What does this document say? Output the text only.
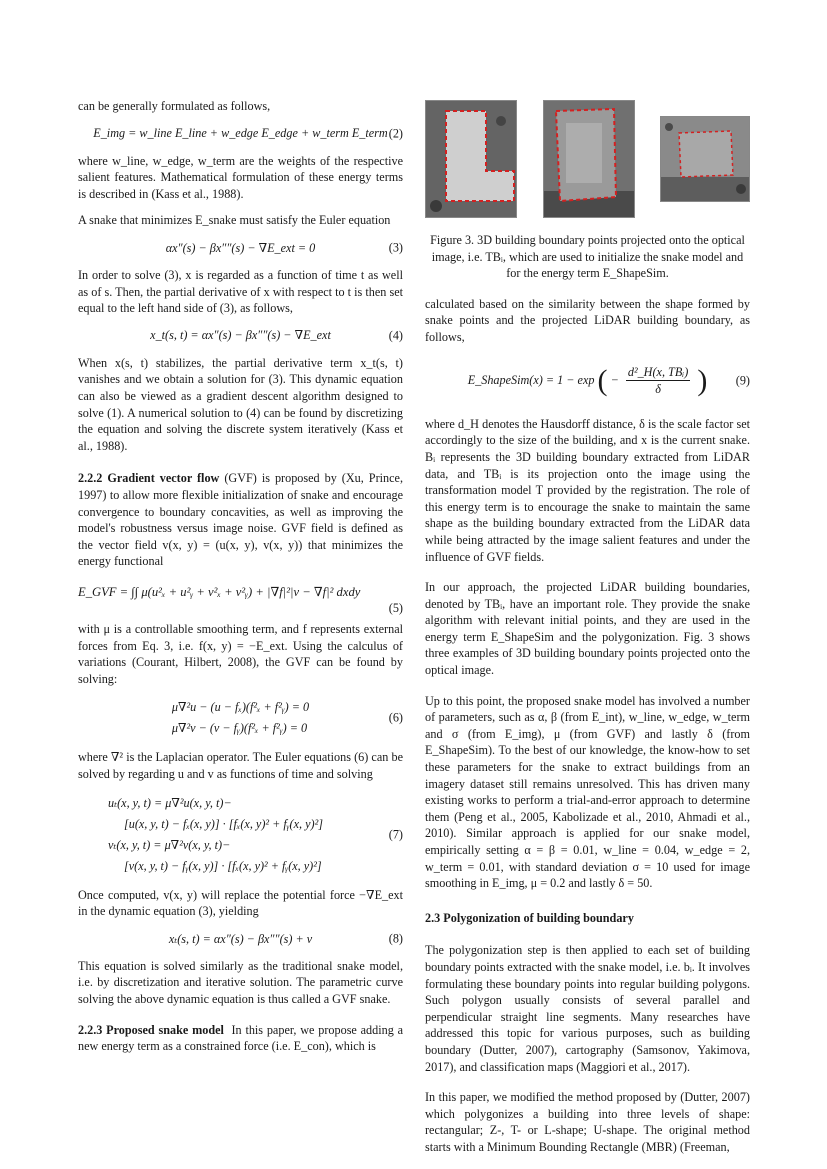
can be generally formulated as follows,

E_img = w_line E_line + w_edge E_edge + w_term E_term (2)

where w_line, w_edge, w_term are the weights of the respective salient features. Mathematical formulation of these energy terms is described in (Kass et al., 1988).

A snake that minimizes E_snake must satisfy the Euler equation

αx″(s) − βx″″(s) − ∇E_ext = 0	(3)

In order to solve (3), x is regarded as a function of time t as well as of s. Then, the partial derivative of x with respect to t is then set equal to the left hand side of (3), as follows,

x_t(s, t) = αx″(s) − βx″″(s) − ∇E_ext	(4)

When x(s, t) stabilizes, the partial derivative term x_t(s, t) vanishes and we obtain a solution for (3). This dynamic equation can also be viewed as a gradient descent algorithm designed to solve (1). A numerical solution to (4) can be found by discretizing the equation and solving the discrete system iteratively (Kass et al., 1988).

2.2.2 Gradient vector flow (GVF) is proposed by (Xu, Prince, 1997) to allow more flexible initialization of snake and encourage convergence to boundary concavities, as well as improving the model's robustness versus image noise. GVF field is defined as the vector field v(x, y) = (u(x, y), v(x, y)) that minimizes the energy functional

E_GVF = ∫∫ μ(u²ₓ + u²ᵧ + v²ₓ + v²ᵧ) + |∇f|²|v − ∇f|² dxdy
(5)

with μ is a controllable smoothing term, and f represents external forces from Eq. 3, i.e. f(x, y) = −E_ext. Using the calculus of variations (Courant, Hilbert, 2008), the GVF can be found by solving:

μ∇²u − (u − fₓ)(f²ₓ + f²ᵧ) = 0
μ∇²v − (v − fᵧ)(f²ₓ + f²ᵧ) = 0
(6)

where ∇² is the Laplacian operator. The Euler equations (6) can be solved by regarding u and v as functions of time and solving

uₜ(x, y, t) = μ∇²u(x, y, t)−
[u(x, y, t) − fₓ(x, y)] · [fₓ(x, y)² + fᵧ(x, y)²]
vₜ(x, y, t) = μ∇²v(x, y, t)−
[v(x, y, t) − fᵧ(x, y)] · [fₓ(x, y)² + fᵧ(x, y)²]
(7)

Once computed, v(x, y) will replace the potential force −∇E_ext in the dynamic equation (3), yielding

xₜ(s, t) = αx″(s) − βx″″(s) + v	(8)

This equation is solved similarly as the traditional snake model, i.e. by discretization and iterative solution. The parametric curve solving the above dynamic equation is thus called a GVF snake.

2.2.3 Proposed snake model In this paper, we propose adding a new energy term as a constrained force (i.e. E_con), which is

Figure 3. 3D building boundary points projected onto the optical image, i.e. TBᵢ, which are used to initialize the snake model and for the energy term E_ShapeSim.

calculated based on the similarity between the shape formed by snake points and the projected LiDAR building boundary, as follows,

E_ShapeSim(x) = 1 − exp ( − $\frac{\text{d²\_H(x, TBᵢ)}}{\delta}$ ) (9)

where d_H denotes the Hausdorff distance, δ is the scale factor set accordingly to the size of the building, and x is the current snake. Bᵢ represents the 3D building boundary extracted from LiDAR data, and TBᵢ is its projection onto the image using the transformation model T provided by the registration. The role of this energy term is to encourage the snake to maintain the same shape as the building boundary extracted from the LiDAR data while being attracted by the image salient features and under the influence of GVF fields.

In our approach, the projected LiDAR building boundaries, denoted by TBᵢ, have an important role. They provide the snake algorithm with relevant initial points, and they are used in the energy term E_ShapeSim and the polygonization. Fig. 3 shows three examples of 3D building boundary points projected onto the optical image.

Up to this point, the proposed snake model has involved a number of parameters, such as α, β (from E_int), w_line, w_edge, w_term and σ (from E_img), μ (from GVF) and lastly δ (from E_ShapeSim). To the best of our knowledge, the know-how to set these parameters for the snake to extract buildings from an imagery dataset still remains unresolved. This has driven many existing works to perform a trial-and-error approach to determine them (Peng et al., 2005, Kabolizade et al., 2010, Ahmadi et al., 2010). Similar approach is applied for our snake model, empirically setting α = β = 0.01, w_line = 0.04, w_edge = 2, w_term = 0.01, with standard deviation σ = 10 used for image smoothing in E_img, μ = 0.2 and lastly δ = 50.

2.3 Polygonization of building boundary

The polygonization step is then applied to each set of building boundary points extracted with the snake model, i.e. bᵢ. It involves formulating these boundary points into regular building polygons. Such polygon usually consists of several parallel and perpendicular straight line segments. Many researches have addressed this topic for various purposes, such as building boundary (Dutter, 2007), cartography (Samsonov, Yakimova, 2017), and classification maps (Maggiori et al., 2017).

In this paper, we modified the method proposed by (Dutter, 2007) which polygonizes a building into three levels of shape: rectangular; Z-, T- or L-shape; U-shape. The original method starts with a Minimum Bounding Rectangle (MBR) (Freeman,
